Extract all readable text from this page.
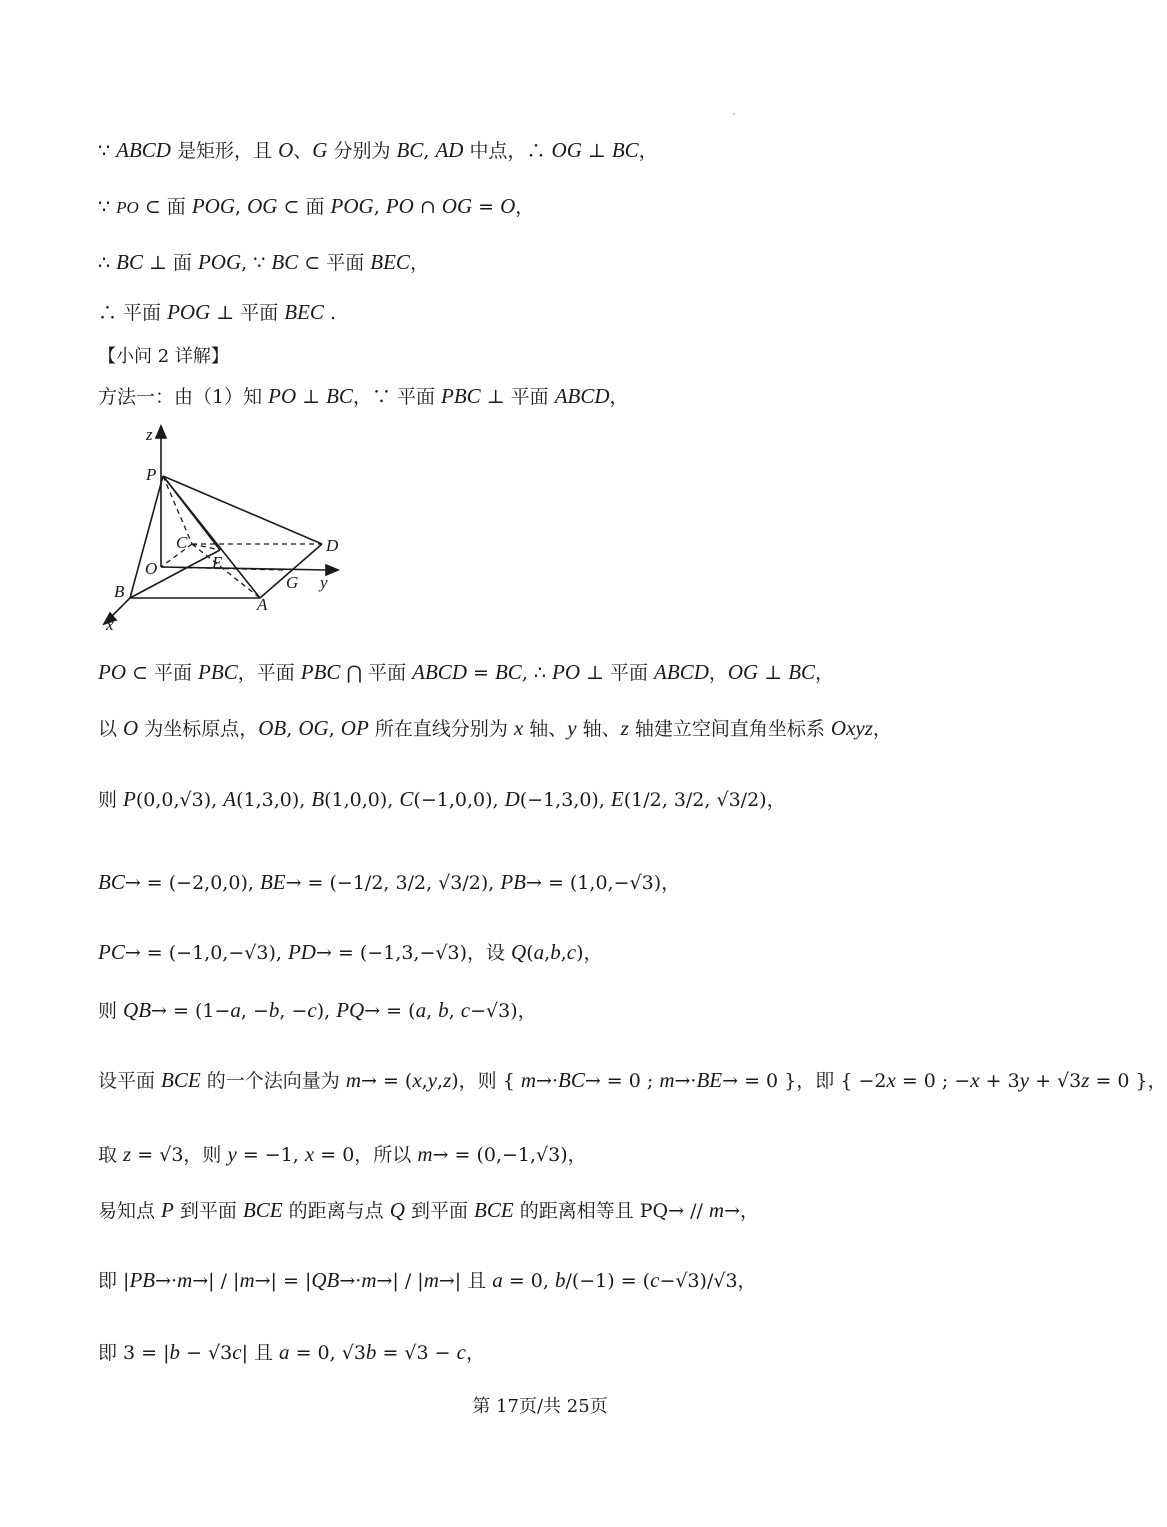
∵ ABCD 是矩形，且 O、G 分别为 BC, AD 中点，∴ OG ⊥ BC，
∵ PO ⊂ 面 POG, OG ⊂ 面 POG, PO ∩ OG = O，
∴ BC ⊥ 面 POG, ∵ BC ⊂ 平面 BEC，
∴ 平面 POG ⊥ 平面 BEC .
【小问 2 详解】
方法一：由（1）知 PO ⊥ BC，∵ 平面 PBC ⊥ 平面 ABCD，
z
P
C	D
O	E
B	G y
A
x
PO ⊂ 平面 PBC，平面 PBC ⋂ 平面 ABCD = BC, ∴ PO ⊥ 平面 ABCD，OG ⊥ BC，
以 O 为坐标原点，OB, OG, OP 所在直线分别为 x 轴、y 轴、z 轴建立空间直角坐标系 Oxyz，
则 P(0,0,√3), A(1,3,0), B(1,0,0), C(−1,0,0), D(−1,3,0), E(1/2, 3/2, √3/2)，
BC→ = (−2,0,0), BE→ = (−1/2, 3/2, √3/2), PB→ = (1,0,−√3)，
PC→ = (−1,0,−√3), PD→ = (−1,3,−√3)，设 Q(a,b,c)，
则 QB→ = (1−a, −b, −c), PQ→ = (a, b, c−√3)，
设平面 BCE 的一个法向量为 m→ = (x,y,z)，则 { m→·BC→ = 0 ; m→·BE→ = 0 }，即 { −2x = 0 ; −x + 3y + √3z = 0 }，
取 z = √3，则 y = −1, x = 0，所以 m→ = (0,−1,√3)，
易知点 P 到平面 BCE 的距离与点 Q 到平面 BCE 的距离相等且 PQ→ // m→，
即 |PB→·m→| / |m→| = |QB→·m→| / |m→| 且 a = 0, b/(−1) = (c−√3)/√3，
即 3 = |b − √3c| 且 a = 0, √3b = √3 − c，
第 17页/共 25页
